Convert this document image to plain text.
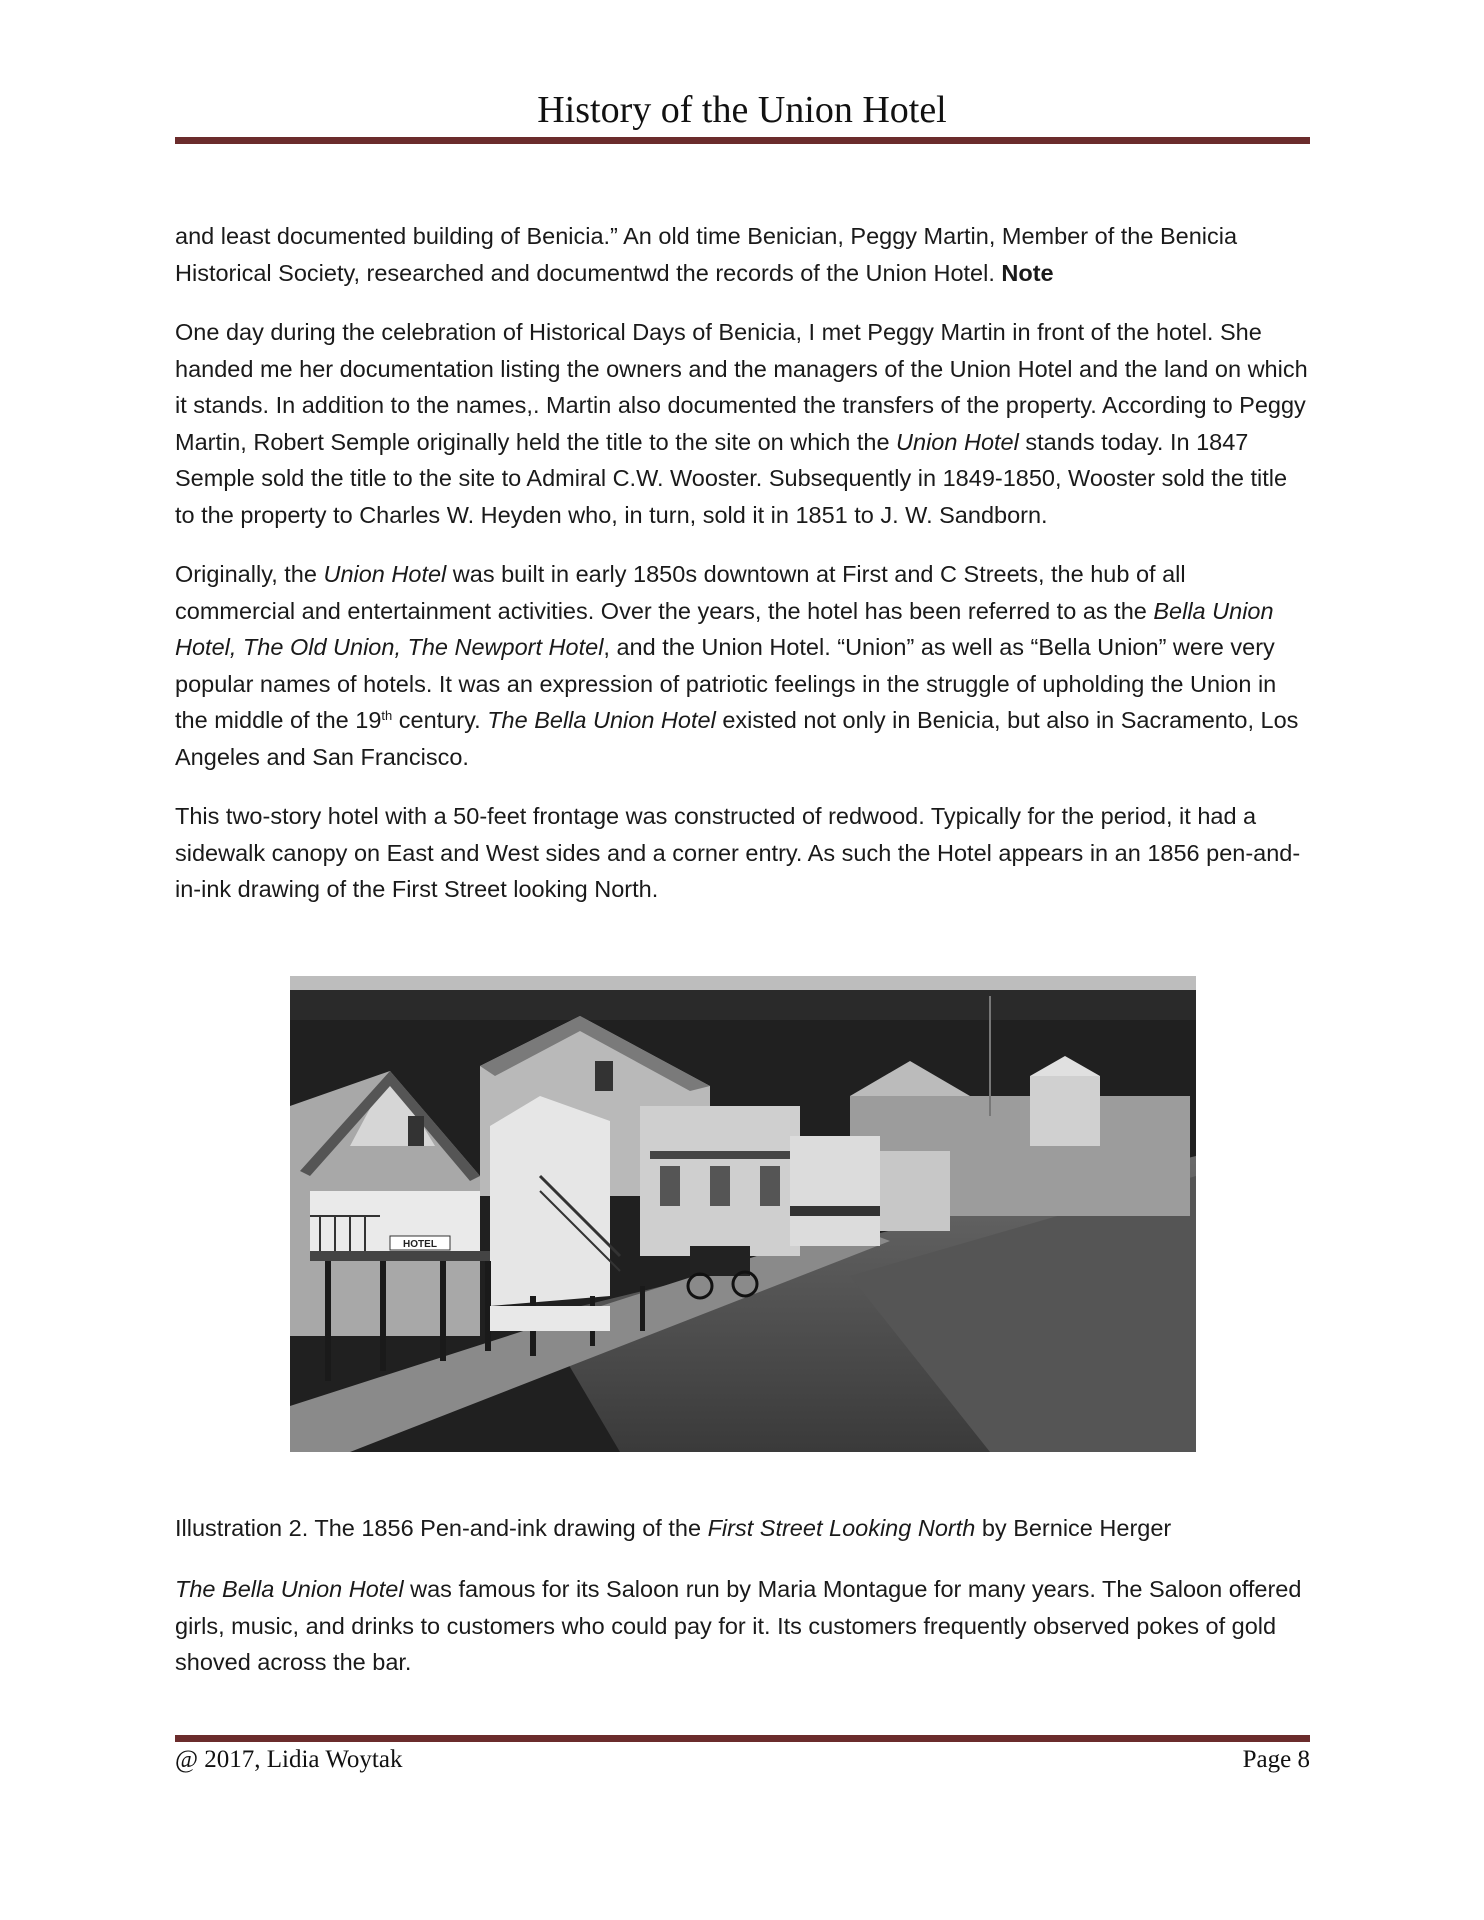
History of the Union Hotel

and least documented building of Benicia.” An old time Benician, Peggy Martin, Member of the Benicia Historical Society, researched and documentwd the records of the Union Hotel. Note

One day during the celebration of Historical Days of Benicia, I met Peggy Martin in front of the hotel. She handed me her documentation listing the owners and the managers of the Union Hotel and the land on which it stands. In addition to the names,. Martin also documented the transfers of the property. According to Peggy Martin, Robert Semple originally held the title to the site on which the Union Hotel stands today. In 1847 Semple sold the title to the site to Admiral C.W. Wooster. Subsequently in 1849-1850, Wooster sold the title to the property to Charles W. Heyden who, in turn, sold it in 1851 to J. W. Sandborn.

Originally, the Union Hotel was built in early 1850s downtown at First and C Streets, the hub of all commercial and entertainment activities. Over the years, the hotel has been referred to as the Bella Union Hotel, The Old Union, The Newport Hotel, and the Union Hotel. “Union” as well as “Bella Union” were very popular names of hotels. It was an expression of patriotic feelings in the struggle of upholding the Union in the middle of the 19th century. The Bella Union Hotel existed not only in Benicia, but also in Sacramento, Los Angeles and San Francisco.

This two-story hotel with a 50-feet frontage was constructed of redwood. Typically for the period, it had a sidewalk canopy on East and West sides and a corner entry. As such the Hotel appears in an 1856 pen-and-in-ink drawing of the First Street looking North.

HOTEL
Illustration 2. The 1856 Pen-and-ink drawing of the First Street Looking North by Bernice Herger

The Bella Union Hotel was famous for its Saloon run by Maria Montague for many years. The Saloon offered girls, music, and drinks to customers who could pay for it. Its customers frequently observed pokes of gold shoved across the bar.

@ 2017, Lidia Woytak	Page 8
